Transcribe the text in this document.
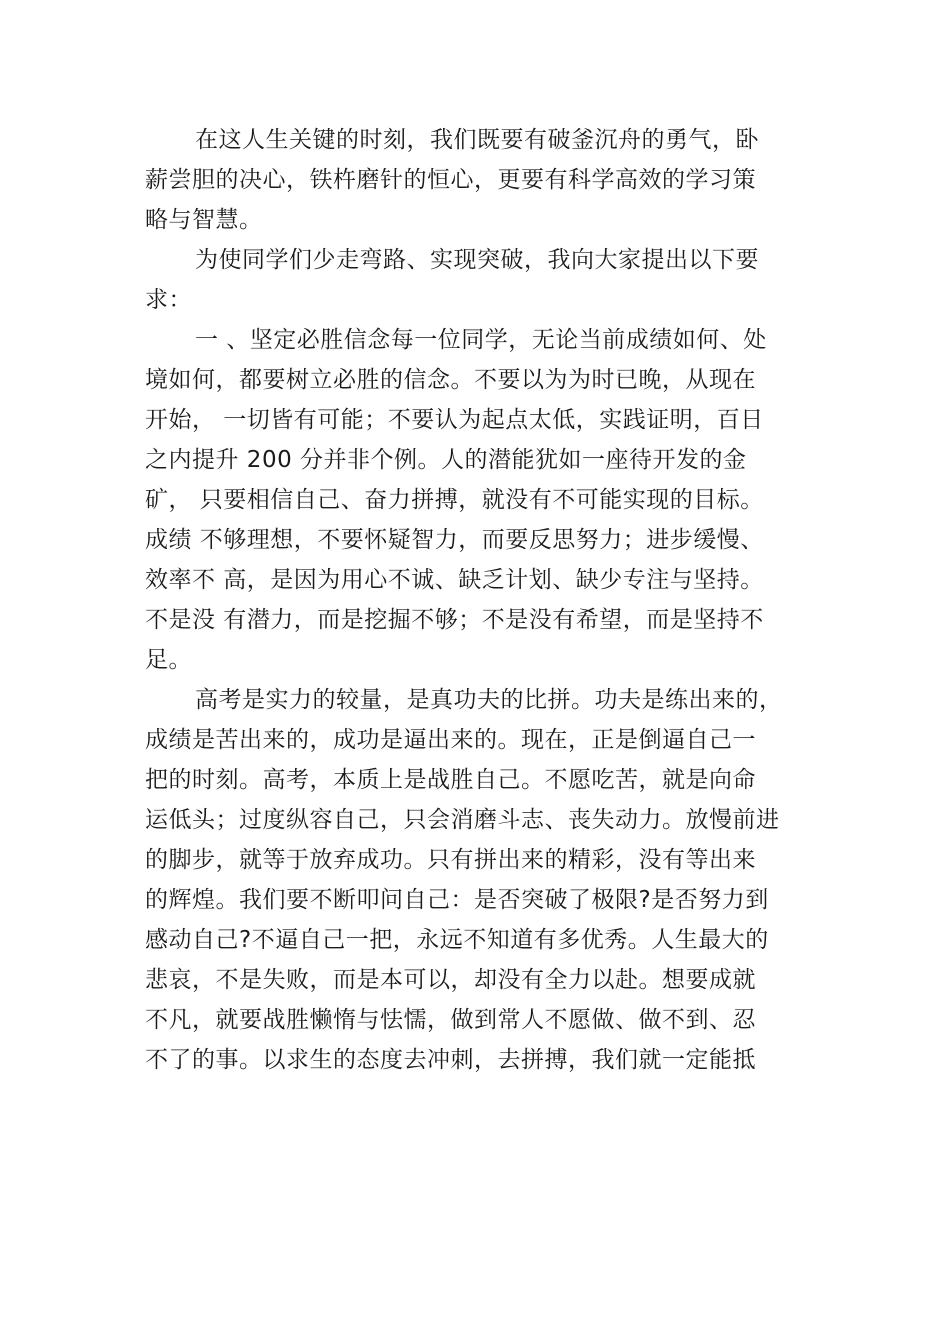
在这人生关键的时刻，我们既要有破釜沉舟的勇气，卧
薪尝胆的决心，铁杵磨针的恒心，更要有科学高效的学习策
略与智慧。
为使同学们少走弯路、实现突破，我向大家提出以下要
求：
一 、坚定必胜信念每一位同学，无论当前成绩如何、处
境如何，都要树立必胜的信念。不要以为为时已晚，从现在
开始， 一切皆有可能；不要认为起点太低，实践证明，百日
之内提升 200 分并非个例。人的潜能犹如一座待开发的金
矿， 只要相信自己、奋力拼搏，就没有不可能实现的目标。
成绩 不够理想，不要怀疑智力，而要反思努力；进步缓慢、
效率不 高，是因为用心不诚、缺乏计划、缺少专注与坚持。
不是没 有潜力，而是挖掘不够；不是没有希望，而是坚持不
足。
高考是实力的较量，是真功夫的比拼。功夫是练出来的，
成绩是苦出来的，成功是逼出来的。现在，正是倒逼自己一
把的时刻。高考，本质上是战胜自己。不愿吃苦，就是向命
运低头；过度纵容自己，只会消磨斗志、丧失动力。放慢前进
的脚步，就等于放弃成功。只有拼出来的精彩，没有等出来
的辉煌。我们要不断叩问自己：是否突破了极限?是否努力到
感动自己?不逼自己一把，永远不知道有多优秀。人生最大的
悲哀，不是失败，而是本可以，却没有全力以赴。想要成就
不凡，就要战胜懒惰与怯懦，做到常人不愿做、做不到、忍
不了的事。以求生的态度去冲刺，去拼搏，我们就一定能抵
